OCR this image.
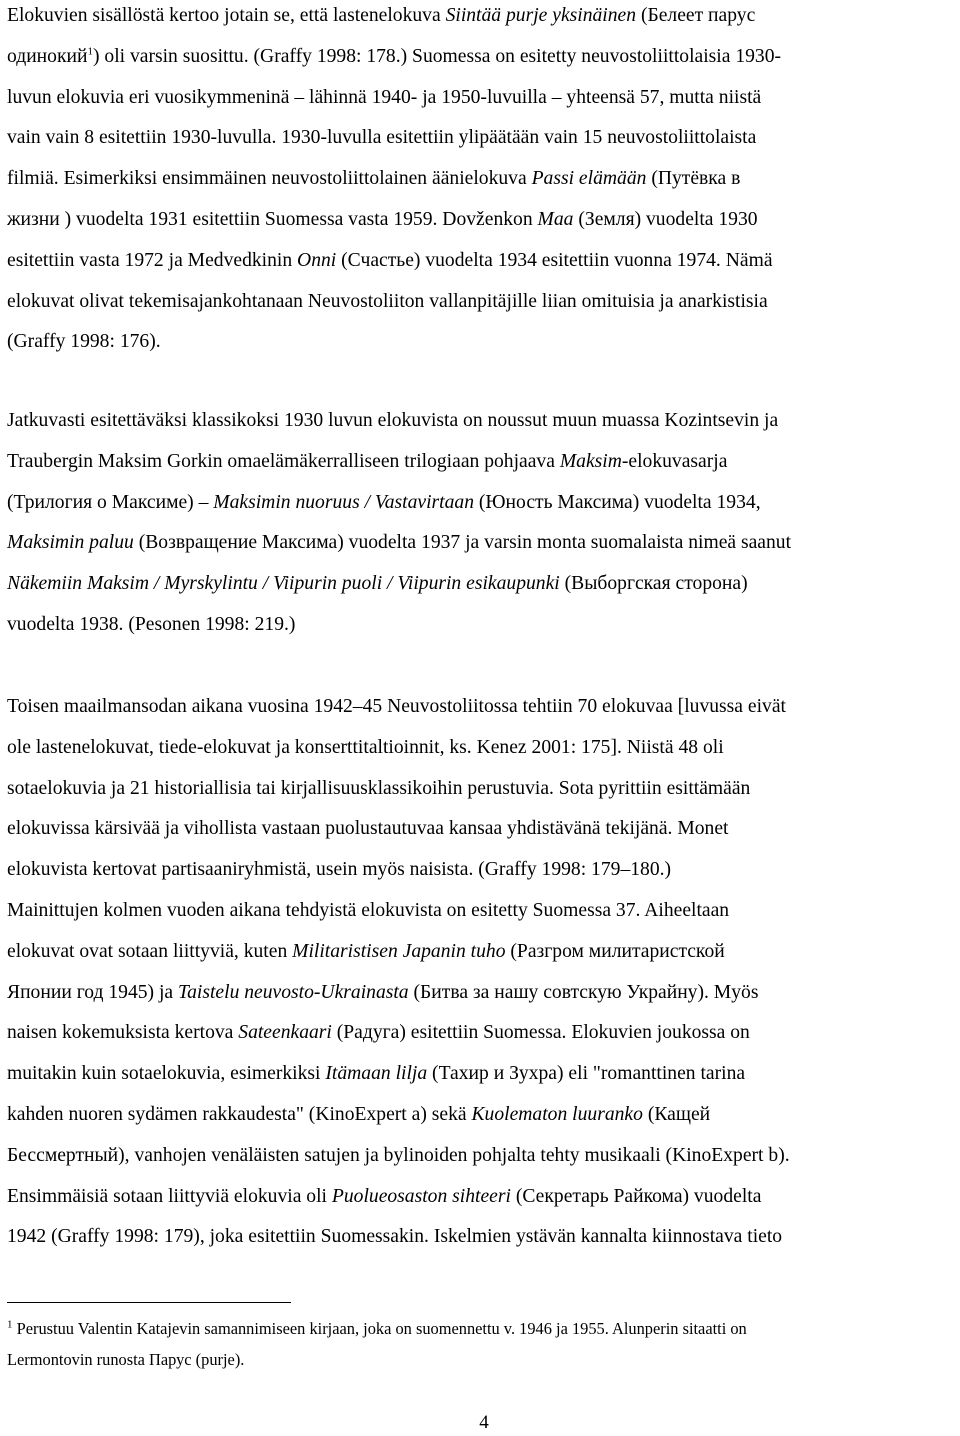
Elokuvien sisällöstä kertoo jotain se, että lastenelokuva Siintää purje yksinäinen (Белеет парус
одинокий$^1$) oli varsin suosittu. (Graffy 1998: 178.) Suomessa on esitetty neuvostoliittolaisia 1930-
luvun elokuvia eri vuosikymmeninä – lähinnä 1940- ja 1950-luvuilla – yhteensä 57, mutta niistä
vain vain 8 esitettiin 1930-luvulla. 1930-luvulla esitettiin ylipäätään vain 15 neuvostoliittolaista
filmiä. Esimerkiksi ensimmäinen neuvostoliittolainen äänielokuva Passi elämään (Путёвка в
жизни ) vuodelta 1931 esitettiin Suomessa vasta 1959. Dovženkon Maa (Земля) vuodelta 1930
esitettiin vasta 1972 ja Medvedkinin Onni (Счастье) vuodelta 1934 esitettiin vuonna 1974. Nämä
elokuvat olivat tekemisajankohtanaan Neuvostoliiton vallanpitäjille liian omituisia ja anarkistisia
(Graffy 1998: 176).

Jatkuvasti esitettäväksi klassikoksi 1930 luvun elokuvista on noussut muun muassa Kozintsevin ja
Traubergin Maksim Gorkin omaelämäkerralliseen trilogiaan pohjaava Maksim-elokuvasarja
(Трилогия о Максиме) – Maksimin nuoruus / Vastavirtaan (Юность Максима) vuodelta 1934,
Maksimin paluu (Возвращение Максима) vuodelta 1937 ja varsin monta suomalaista nimeä saanut
Näkemiin Maksim / Myrskylintu / Viipurin puoli / Viipurin esikaupunki (Выборгская сторона)
vuodelta 1938. (Pesonen 1998: 219.)

Toisen maailmansodan aikana vuosina 1942–45 Neuvostoliitossa tehtiin 70 elokuvaa [luvussa eivät
ole lastenelokuvat, tiede-elokuvat ja konserttitaltioinnit, ks. Kenez 2001: 175]. Niistä 48 oli
sotaelokuvia ja 21 historiallisia tai kirjallisuusklassikoihin perustuvia. Sota pyrittiin esittämään
elokuvissa kärsivää ja vihollista vastaan puolustautuvaa kansaa yhdistävänä tekijänä. Monet
elokuvista kertovat partisaaniryhmistä, usein myös naisista. (Graffy 1998: 179–180.)
Mainittujen kolmen vuoden aikana tehdyistä elokuvista on esitetty Suomessa 37. Aiheeltaan
elokuvat ovat sotaan liittyviä, kuten Militaristisen Japanin tuho (Разгром милитаристской
Японии год 1945) ja Taistelu neuvosto-Ukrainasta (Битва за нашу совтскую Украйну). Myös
naisen kokemuksista kertova Sateenkaari (Радуга) esitettiin Suomessa. Elokuvien joukossa on
muitakin kuin sotaelokuvia, esimerkiksi Itämaan lilja (Тахир и Зухра) eli "romanttinen tarina
kahden nuoren sydämen rakkaudesta" (KinoExpert a) sekä Kuolematon luuranko (Кащей
Бессмертный), vanhojen venäläisten satujen ja bylinoiden pohjalta tehty musikaali (KinoExpert b).
Ensimmäisiä sotaan liittyviä elokuvia oli Puolueosaston sihteeri (Секретарь Райкома) vuodelta
1942 (Graffy 1998: 179), joka esitettiin Suomessakin. Iskelmien ystävän kannalta kiinnostava tieto

$^1$ Perustuu Valentin Katajevin samannimiseen kirjaan, joka on suomennettu v. 1946 ja 1955. Alunperin sitaatti on
Lermontovin runosta Парус (purje).
4
